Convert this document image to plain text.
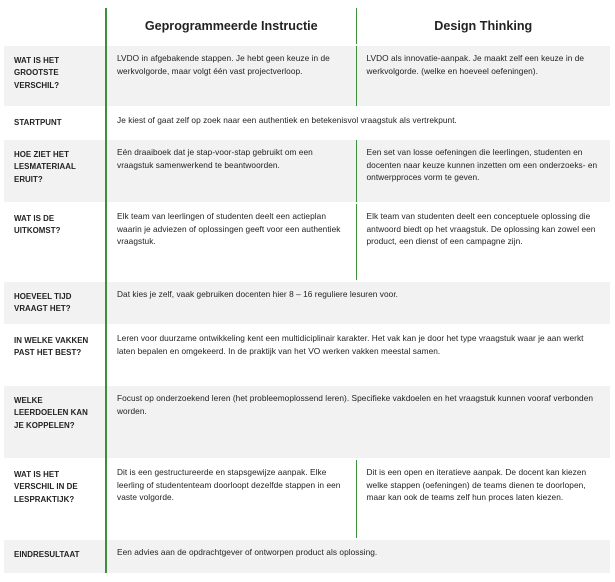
	Geprogrammeerde Instructie	Design Thinking
WAT IS HET GROOTSTE VERSCHIL?	LVDO in afgebakende stappen. Je hebt geen keuze in de werkvolgorde, maar volgt één vast projectverloop.	LVDO als innovatie-aanpak. Je maakt zelf een keuze in de werkvolgorde. (welke en hoeveel oefeningen).
STARTPUNT	Je kiest of gaat zelf op zoek naar een authentiek en betekenisvol vraagstuk als vertrekpunt.	
HOE ZIET HET LESMATERIAAL ERUIT?	Eén draaiboek dat je stap-voor-stap gebruikt om een vraagstuk samenwerkend te beantwoorden.	Een set van losse oefeningen die leerlingen, studenten en docenten naar keuze kunnen inzetten om een onderzoeks- en ontwerpproces vorm te geven.
WAT IS DE UITKOMST?	Elk team van leerlingen of studenten deelt een actieplan waarin je adviezen of oplossingen geeft voor een authentiek vraagstuk.	Elk team van studenten deelt een conceptuele oplossing die antwoord biedt op het vraagstuk. De oplossing kan zowel een product, een dienst of een campagne zijn.
HOEVEEL TIJD VRAAGT HET?	Dat kies je zelf, vaak gebruiken docenten hier 8 – 16 reguliere lesuren voor.	
IN WELKE VAKKEN PAST HET BEST?	Leren voor duurzame ontwikkeling kent een multidiciplinair karakter. Het vak kan je door het type vraagstuk waar je aan werkt laten bepalen en omgekeerd. In de praktijk van het VO werken vakken meestal samen.	
WELKE LEERDOELEN KAN JE KOPPELEN?	Focust op onderzoekend leren (het probleemoplossend leren). Specifieke vakdoelen en het vraagstuk kunnen vooraf verbonden worden.	
WAT IS HET VERSCHIL IN DE LESPRAKTIJK?	Dit is een gestructureerde en stapsgewijze aanpak. Elke leerling of studententeam doorloopt dezelfde stappen in een vaste volgorde.	Dit is een open en iteratieve aanpak. De docent kan kiezen welke stappen (oefeningen) de teams dienen te doorlopen, maar kan ook de teams zelf hun proces laten kiezen.
EINDRESULTAAT	Een advies aan de opdrachtgever of ontworpen product als oplossing.	
